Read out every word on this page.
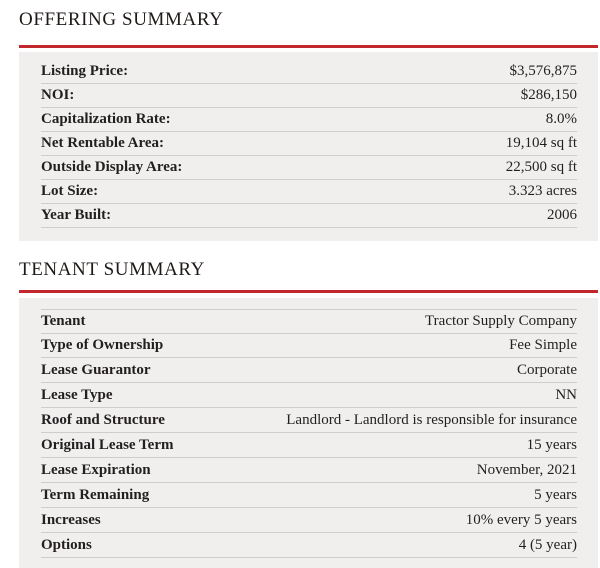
OFFERING SUMMARY
Listing Price:	$3,576,875
NOI:	$286,150
Capitalization Rate:	8.0%
Net Rentable Area:	19,104 sq ft
Outside Display Area:	22,500 sq ft
Lot Size:	3.323 acres
Year Built:	2006
TENANT SUMMARY
Tenant	Tractor Supply Company
Type of Ownership	Fee Simple
Lease Guarantor	Corporate
Lease Type	NN
Roof and Structure	Landlord - Landlord is responsible for insurance
Original Lease Term	15 years
Lease Expiration	November, 2021
Term Remaining	5 years
Increases	10% every 5 years
Options	4 (5 year)
